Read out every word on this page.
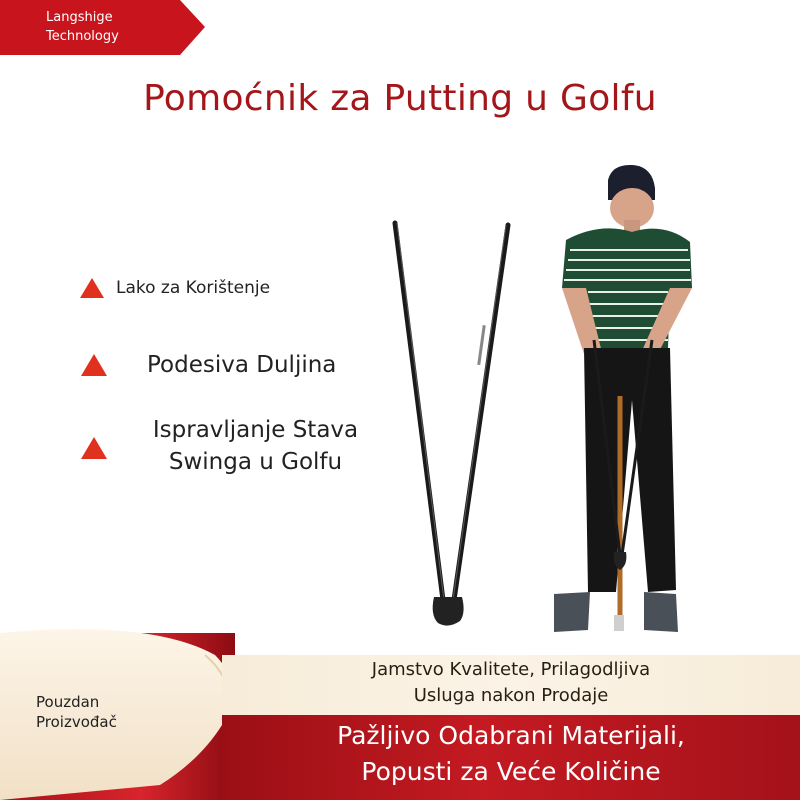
Langshige
Technology
Pomoćnik za Putting u Golfu
Lako za Korištenje
Podesiva Duljina
Ispravljanje Stava
Swinga u Golfu
Jamstvo Kvalitete, Prilagodljiva
Usluga nakon Prodaje
Pažljivo Odabrani Materijali,
Popusti za Veće Količine
Pouzdan
Proizvođač
